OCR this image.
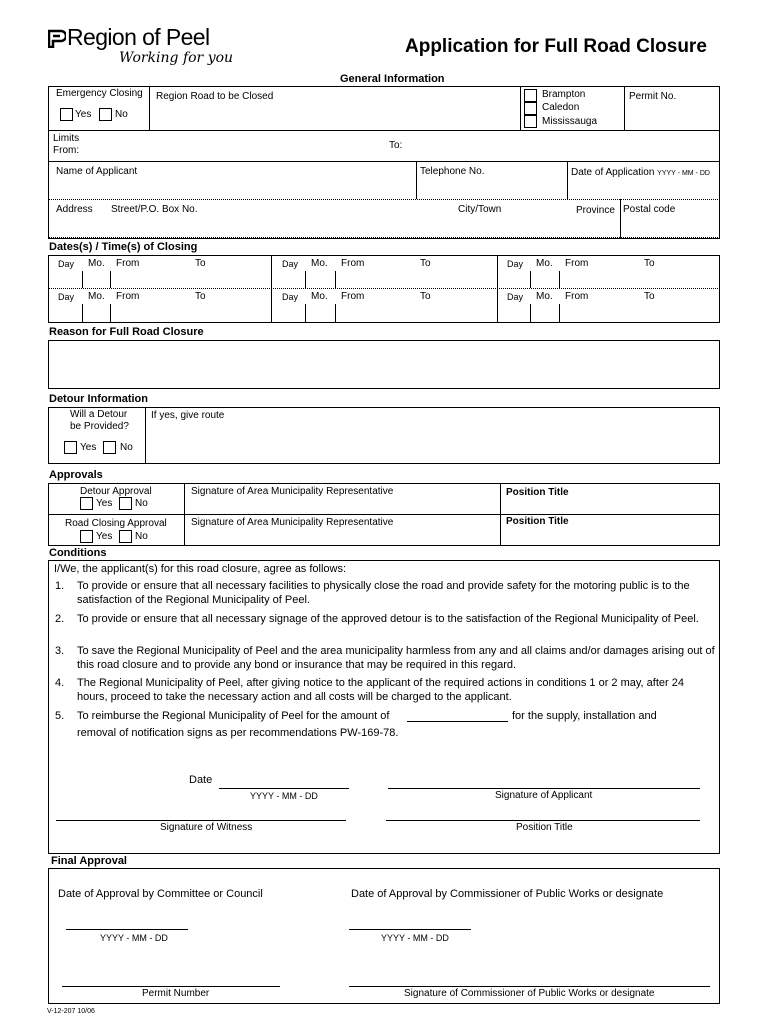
Region of Peel
Working for you
Application for Full Road Closure
General Information
Emergency Closing
Yes No
Region Road to be Closed	Brampton
Caledon
Mississauga
Permit No.
Limits
From:	To:
Name of Applicant	Telephone No.	Date of Application YYYY - MM - DD
Address Street/P.O. Box No.	City/Town	Province Postal code
Dates(s) / Time(s) of Closing
Day Mo. From	To	Day Mo. From	To	Day Mo. From	To
Day Mo. From	To	Day Mo. From	To	Day Mo. From	To
Reason for Full Road Closure
Detour Information
Will a Detour
be Provided?
Yes No
If yes, give route
Approvals
Detour Approval
Yes No
Signature of Area Municipality Representative	Position Title
Road Closing Approval
Yes No
Signature of Area Municipality Representative	Position Title
Conditions
I/We, the applicant(s) for this road closure, agree as follows:
1. To provide or ensure that all necessary facilities to physically close the road and provide safety for the motoring public is to the satisfaction of the Regional Municipality of Peel.
2. To provide or ensure that all necessary signage of the approved detour is to the satisfaction of the Regional Municipality of Peel.
3. To save the Regional Municipality of Peel and the area municipality harmless from any and all claims and/or damages arising out of this road closure and to provide any bond or insurance that may be required in this regard.
4. The Regional Municipality of Peel, after giving notice to the applicant of the required actions in conditions 1 or 2 may, after 24 hours, proceed to take the necessary action and all costs will be charged to the applicant.
5. To reimburse the Regional Municipality of Peel for the amount of	for the supply, installation and
removal of notification signs as per recommendations PW-169-78.
Date
YYYY - MM - DD	Signature of Applicant
Signature of Witness	Position Title
Final Approval
Date of Approval by Committee or Council	Date of Approval by Commissioner of Public Works or designate
YYYY - MM - DD	YYYY - MM - DD
Permit Number	Signature of Commissioner of Public Works or designate
V-12-207 10/06
